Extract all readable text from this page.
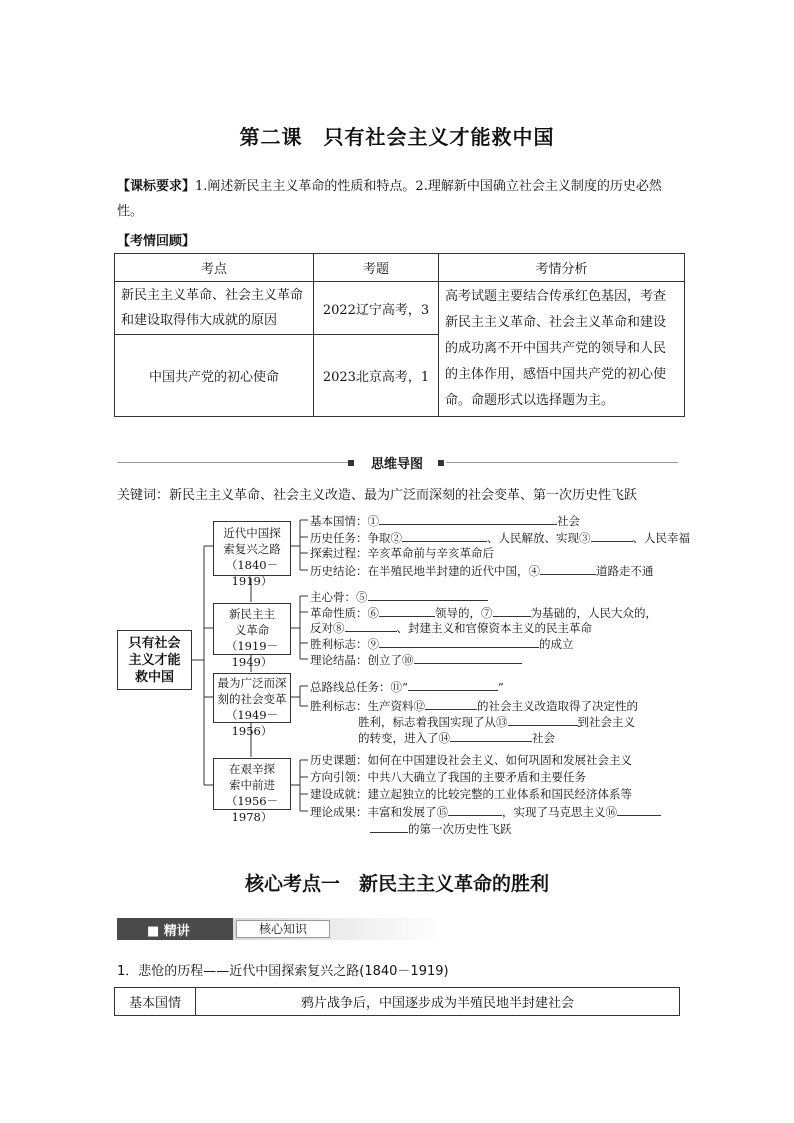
第二课　只有社会主义才能救中国
【课标要求】1.阐述新民主主义革命的性质和特点。2.理解新中国确立社会主义制度的历史必然性。
【考情回顾】
考点	考题	考情分析
新民主主义革命、社会主义革命和建设取得伟大成就的原因	2022辽宁高考，3	高考试题主要结合传承红色基因，考查新民主主义革命、社会主义革命和建设的成功离不开中国共产党的领导和人民的主体作用，感悟中国共产党的初心使命。命题形式以选择题为主。
中国共产党的初心使命	2023北京高考，1	
思维导图
关键词：新民主主义革命、社会主义改造、最为广泛而深刻的社会变革、第一次历史性飞跃
只有社会
主义才能
救中国
近代中国探
索复兴之路
（1840－1919）
基本国情：①	社会
历史任务：争取②	、人民解放、实现③	、人民幸福
探索过程：辛亥革命前与辛亥革命后
历史结论：在半殖民地半封建的近代中国，④	道路走不通
新民主主
义革命
（1919－1949）
主心骨：⑤
革命性质：⑥	领导的，⑦	为基础的，人民大众的，
反对⑧	、封建主义和官僚资本主义的民主革命
胜利标志：⑨	的成立
理论结晶：创立了⑩
最为广泛而深
刻的社会变革
（1949－1956）
总路线总任务：⑪“	”
胜利标志：生产资料⑫	的社会主义改造取得了决定性的
胜利，标志着我国实现了从⑬	到社会主义
的转变，进入了⑭	社会
在艰辛探
索中前进
（1956－1978）
历史课题：如何在中国建设社会主义、如何巩固和发展社会主义
方向引领：中共八大确立了我国的主要矛盾和主要任务
建设成就：建立起独立的比较完整的工业体系和国民经济体系等
理论成果：丰富和发展了⑮	，实现了马克思主义⑯
的第一次历史性飞跃
核心考点一　新民主主义革命的胜利
■ 精讲	核心知识
1．悲怆的历程——近代中国探索复兴之路(1840－1919)
基本国情	鸦片战争后，中国逐步成为半殖民地半封建社会
